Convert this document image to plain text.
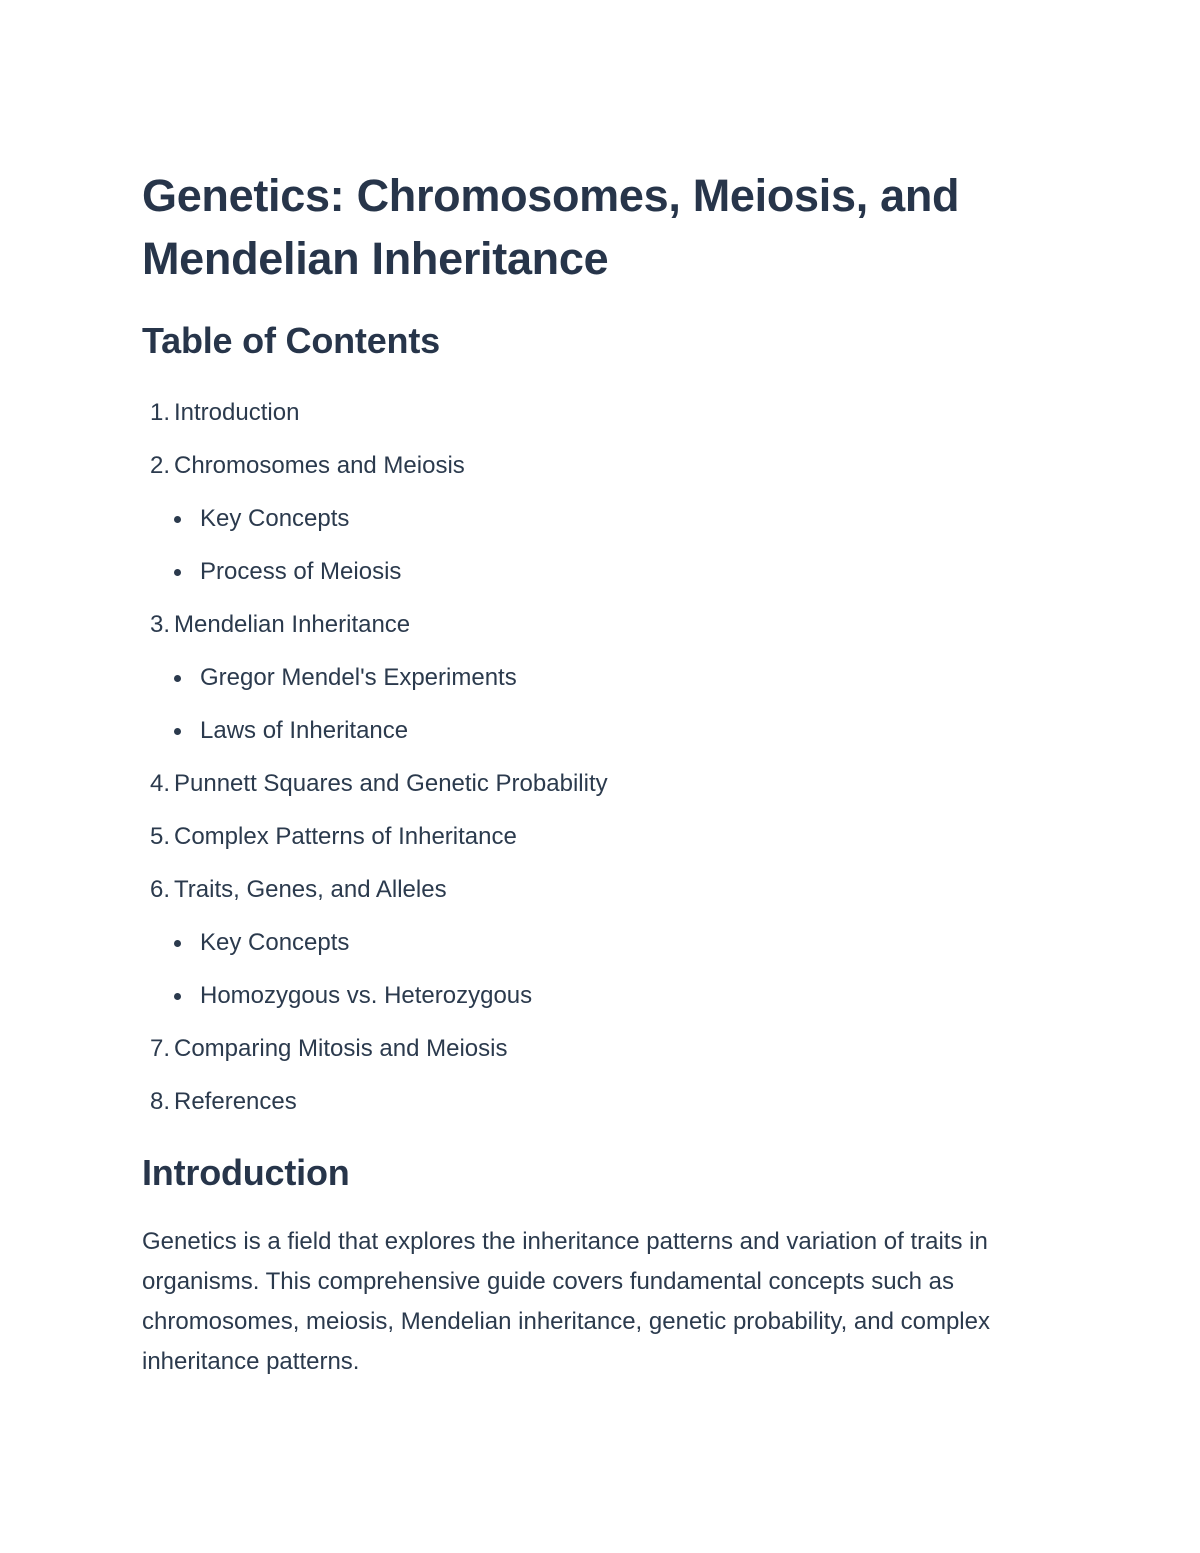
Genetics: Chromosomes, Meiosis, and Mendelian Inheritance
Table of Contents
1. Introduction
2. Chromosomes and Meiosis
Key Concepts
Process of Meiosis
3. Mendelian Inheritance
Gregor Mendel's Experiments
Laws of Inheritance
4. Punnett Squares and Genetic Probability
5. Complex Patterns of Inheritance
6. Traits, Genes, and Alleles
Key Concepts
Homozygous vs. Heterozygous
7. Comparing Mitosis and Meiosis
8. References
Introduction

Genetics is a field that explores the inheritance patterns and variation of traits in organisms. This comprehensive guide covers fundamental concepts such as chromosomes, meiosis, Mendelian inheritance, genetic probability, and complex inheritance patterns.
